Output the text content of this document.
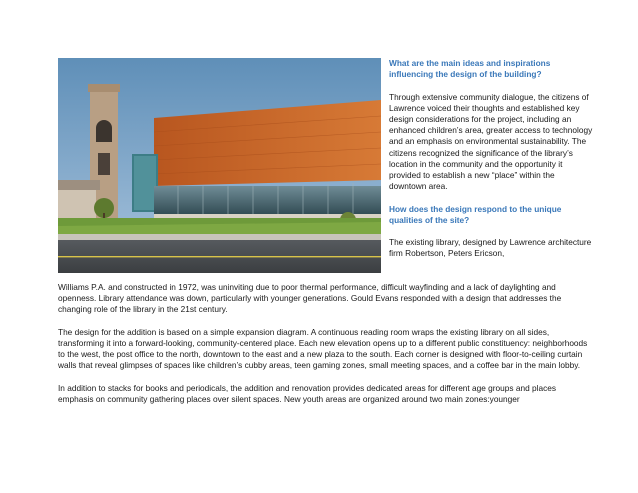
What are the main ideas and inspirations influencing the design of the building?

Through extensive community dialogue, the citizens of Lawrence voiced their thoughts and established key design considerations for the project, including an enhanced children’s area, greater access to technology and an emphasis on environmental sustainability. The citizens recognized the significance of the library’s location in the community and the opportunity it provided to establish a new “place” within the downtown area.

How does the design respond to the unique qualities of the site?

The existing library, designed by Lawrence architecture firm Robertson, Peters Ericson,

Williams P.A. and constructed in 1972, was uninviting due to poor thermal performance, difficult wayfinding and a lack of daylighting and openness. Library attendance was down, particularly with younger generations. Gould Evans responded with a design that addresses the changing role of the library in the 21st century.

The design for the addition is based on a simple expansion diagram. A continuous reading room wraps the existing library on all sides, transforming it into a forward-looking, community-centered place. Each new elevation opens up to a different public constituency: neighborhoods to the west, the post office to the north, downtown to the east and a new plaza to the south. Each corner is designed with floor-to-ceiling curtain walls that reveal glimpses of spaces like children’s cubby areas, teen gaming zones, small meeting spaces, and a coffee bar in the main lobby.

In addition to stacks for books and periodicals, the addition and renovation provides dedicated areas for different age groups and places emphasis on community gathering places over silent spaces. New youth areas are organized around two main zones:younger
